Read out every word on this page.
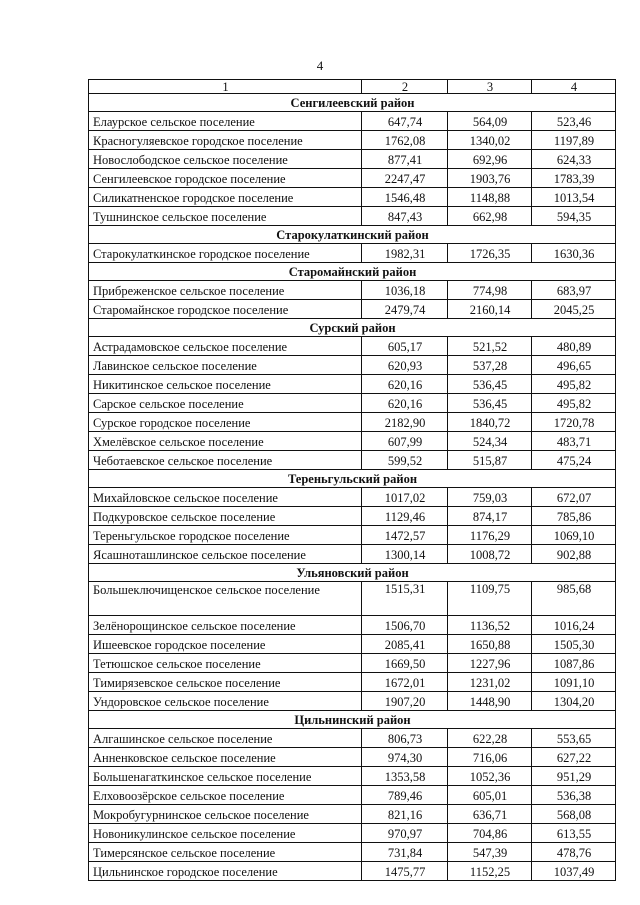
4
1	2	3	4
Сенгилеевский район			
Елаурское сельское поселение	647,74	564,09	523,46
Красногуляевское городское поселение	1762,08	1340,02	1197,89
Новослободское сельское поселение	877,41	692,96	624,33
Сенгилеевское городское поселение	2247,47	1903,76	1783,39
Силикатненское городское поселение	1546,48	1148,88	1013,54
Тушнинское сельское поселение	847,43	662,98	594,35
Старокулаткинский район			
Старокулаткинское городское поселение	1982,31	1726,35	1630,36
Старомайнский район			
Прибреженское сельское поселение	1036,18	774,98	683,97
Старомайнское городское поселение	2479,74	2160,14	2045,25
Сурский район			
Астрадамовское сельское поселение	605,17	521,52	480,89
Лавинское сельское поселение	620,93	537,28	496,65
Никитинское сельское поселение	620,16	536,45	495,82
Сарское сельское поселение	620,16	536,45	495,82
Сурское городское поселение	2182,90	1840,72	1720,78
Хмелёвское сельское поселение	607,99	524,34	483,71
Чеботаевское сельское поселение	599,52	515,87	475,24
Тереньгульский район			
Михайловское сельское поселение	1017,02	759,03	672,07
Подкуровское сельское поселение	1129,46	874,17	785,86
Тереньгульское городское поселение	1472,57	1176,29	1069,10
Ясашноташлинское сельское поселение	1300,14	1008,72	902,88
Ульяновский район			
Большеключищенское сельское поселение	1515,31	1109,75	985,68
Зелёнорощинское сельское поселение	1506,70	1136,52	1016,24
Ишеевское городское поселение	2085,41	1650,88	1505,30
Тетюшское сельское поселение	1669,50	1227,96	1087,86
Тимирязевское сельское поселение	1672,01	1231,02	1091,10
Ундоровское сельское поселение	1907,20	1448,90	1304,20
Цильнинский район			
Алгашинское сельское поселение	806,73	622,28	553,65
Анненковское сельское поселение	974,30	716,06	627,22
Большенагаткинское сельское поселение	1353,58	1052,36	951,29
Елховоозёрское сельское поселение	789,46	605,01	536,38
Мокробугурнинское сельское поселение	821,16	636,71	568,08
Новоникулинское сельское поселение	970,97	704,86	613,55
Тимерсянское сельское поселение	731,84	547,39	478,76
Цильнинское городское поселение	1475,77	1152,25	1037,49
